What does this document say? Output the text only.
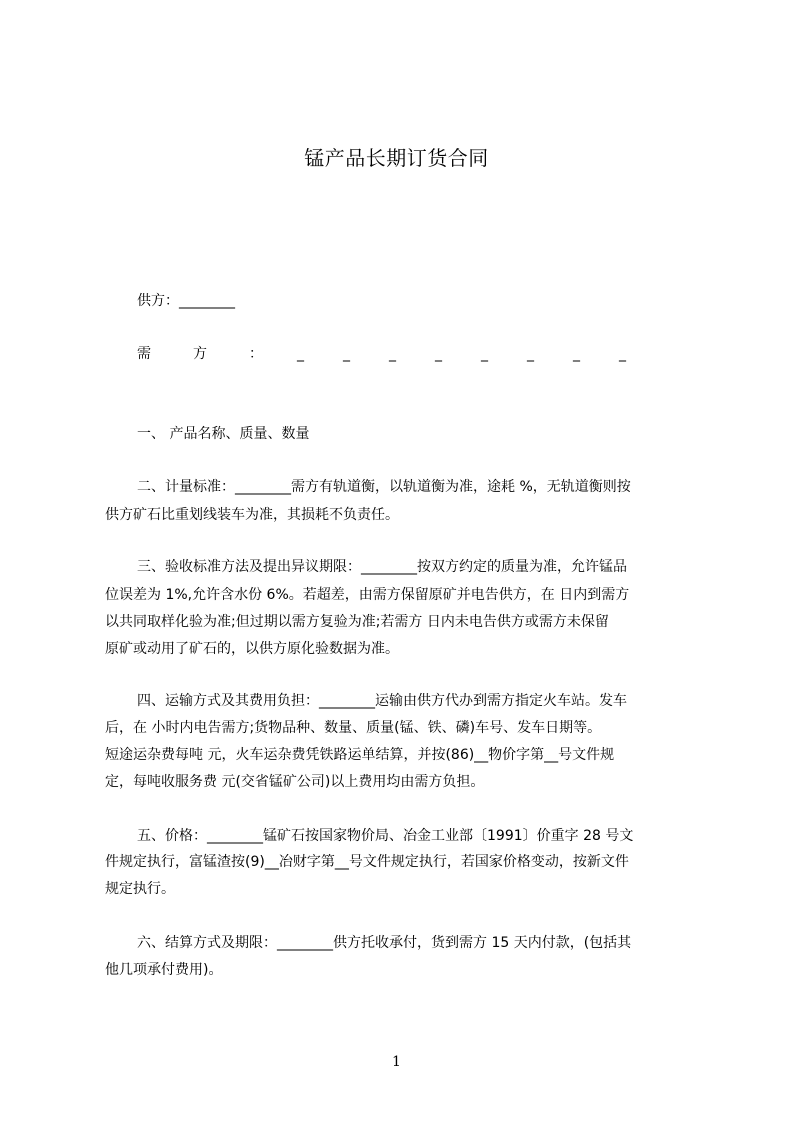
锰产品长期订货合同
供方：________
需	方	：	________
一、 产品名称、质量、数量
二、计量标准：________需方有轨道衡，以轨道衡为准，途耗 %，无轨道衡则按
供方矿石比重划线装车为准，其损耗不负责任。
三、验收标准方法及提出异议期限：________按双方约定的质量为准，允许锰品
位误差为 1%,允许含水份 6%。若超差，由需方保留原矿并电告供方，在 日内到需方
以共同取样化验为准;但过期以需方复验为准;若需方 日内未电告供方或需方未保留
原矿或动用了矿石的，以供方原化验数据为准。
四、运输方式及其费用负担：________运输由供方代办到需方指定火车站。发车
后，在 小时内电告需方;货物品种、数量、质量(锰、铁、磷)车号、发车日期等。
短途运杂费每吨 元，火车运杂费凭铁路运单结算，并按(86)__物价字第__号文件规
定，每吨收服务费 元(交省锰矿公司)以上费用均由需方负担。
五、价格：________锰矿石按国家物价局、冶金工业部〔1991〕价重字 28 号文
件规定执行，富锰渣按(9)__冶财字第__号文件规定执行，若国家价格变动，按新文件
规定执行。
六、结算方式及期限：________供方托收承付，货到需方 15 天内付款，(包括其
他几项承付费用)。
1
